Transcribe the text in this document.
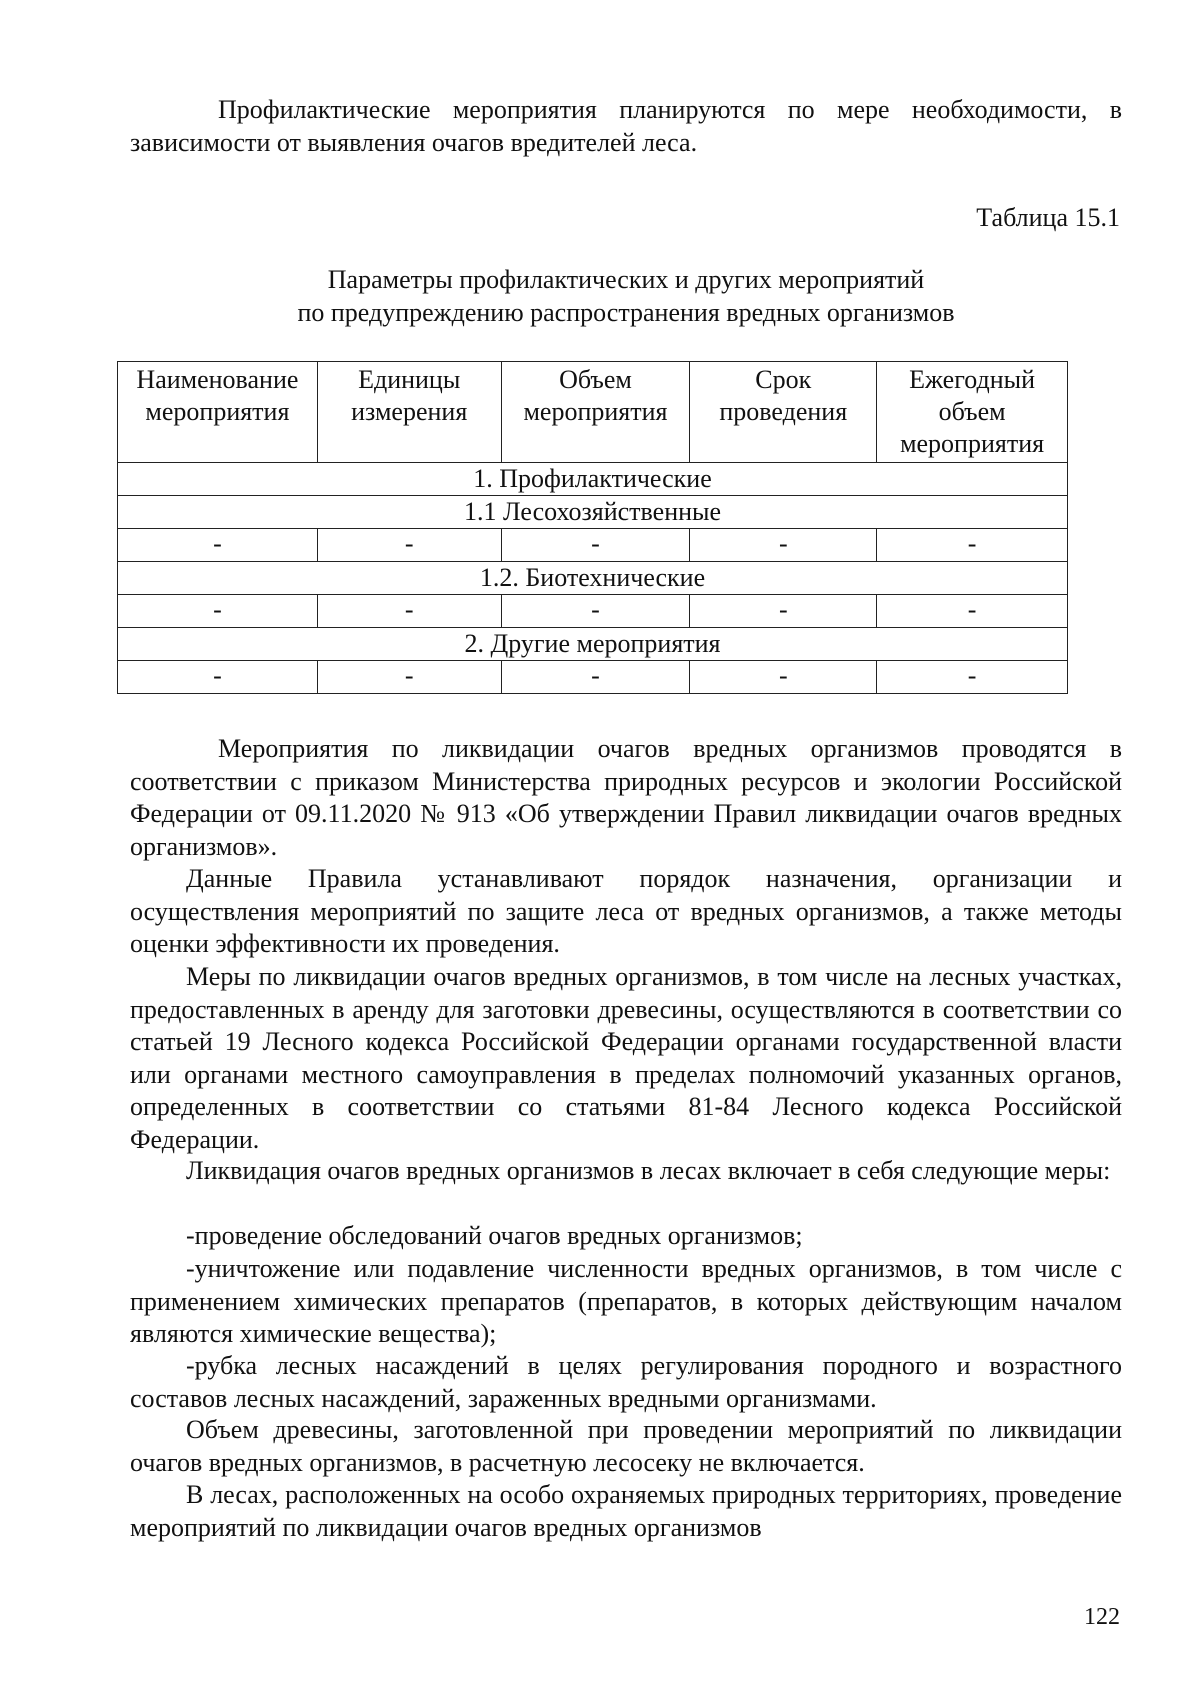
Профилактические мероприятия планируются по мере необходимости, в зависимости от выявления очагов вредителей леса.

Таблица 15.1

Параметры профилактических и других мероприятий
по предупреждению распространения вредных организмов
Наименование мероприятия	Единицы измерения	Объем мероприятия	Срок проведения	Ежегодный объем мероприятия
1. Профилактические				
1.1 Лесохозяйственные				
-	-	-	-	-
1.2. Биотехнические				
-	-	-	-	-
2. Другие мероприятия				
-	-	-	-	-

Мероприятия по ликвидации очагов вредных организмов проводятся в соответствии с приказом Министерства природных ресурсов и экологии Российской Федерации от 09.11.2020 № 913 «Об утверждении Правил ликвидации очагов вредных организмов».

Данные Правила устанавливают порядок назначения, организации и осуществления мероприятий по защите леса от вредных организмов, а также методы оценки эффективности их проведения.

Меры по ликвидации очагов вредных организмов, в том числе на лесных участках, предоставленных в аренду для заготовки древесины, осуществляются в соответствии со статьей 19 Лесного кодекса Российской Федерации органами государственной власти или органами местного самоуправления в пределах полномочий указанных органов, определенных в соответствии со статьями 81-84 Лесного кодекса Российской Федерации.

Ликвидация очагов вредных организмов в лесах включает в себя следующие меры:

-проведение обследований очагов вредных организмов;

-уничтожение или подавление численности вредных организмов, в том числе с применением химических препаратов (препаратов, в которых действующим началом являются химические вещества);

-рубка лесных насаждений в целях регулирования породного и возрастного составов лесных насаждений, зараженных вредными организмами.

Объем древесины, заготовленной при проведении мероприятий по ликвидации очагов вредных организмов, в расчетную лесосеку не включается.

В лесах, расположенных на особо охраняемых природных территориях, проведение мероприятий по ликвидации очагов вредных организмов

122
